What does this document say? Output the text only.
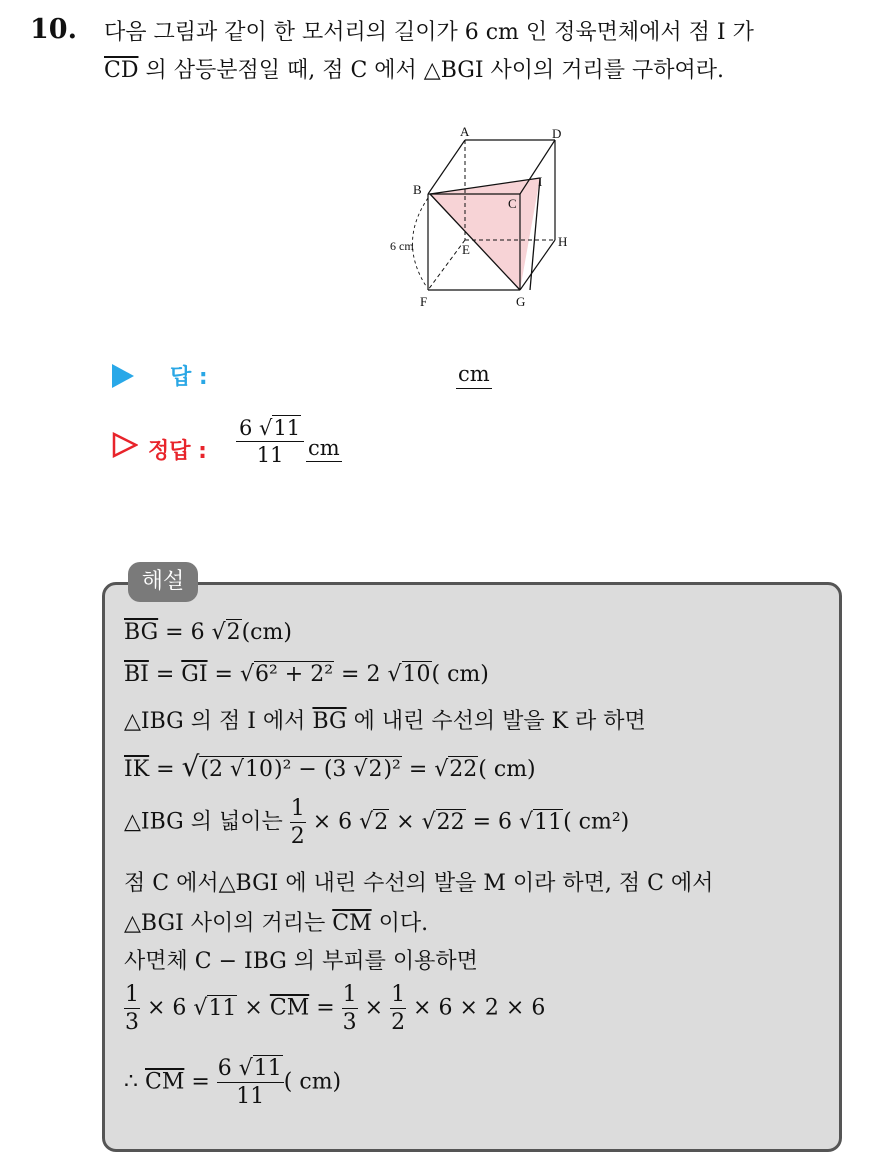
10. 다음 그림과 같이 한 모서리의 길이가 6 cm 인 정육면체에서 점 I 가
$\overline{CD}$ 의 삼등분점일 때, 점 C 에서 △BGI 사이의 거리를 구하여라.
A	D
B
I
C
E
H
F	G
6 cm
답 :	cm
정답 : $\frac{6 √11}{11}$ cm
해설
$\overline{BG} = 6$ √2(cm)
$\overline{BI} = \overline{GI} = √6^2 + 2^2 = 2$ √10( cm)
△IBG 의 점 I 에서 $\overline{BG}$ 에 내린 수선의 발을 K 라 하면
$\overline{IK} = √(2$ √10)² − (3 √2)² = √22( cm)
△IBG 의 넓이는 $\frac{1}{2} \times 6$ √2 × √22 = 6 √11( cm²)
점 C 에서△BGI 에 내린 수선의 발을 M 이라 하면, 점 C 에서
△BGI 사이의 거리는 $\overline{CM}$ 이다.
사면체 C − IBG 의 부피를 이용하면
$\frac{1}{3} \times 6$ $√11 \times \overline{CM} = \frac{1}{3} \times \frac{1}{2} \times 6 \times 2 \times 6$
∴ $\overline{CM} = \frac{6 √11}{11}$ ( cm)
